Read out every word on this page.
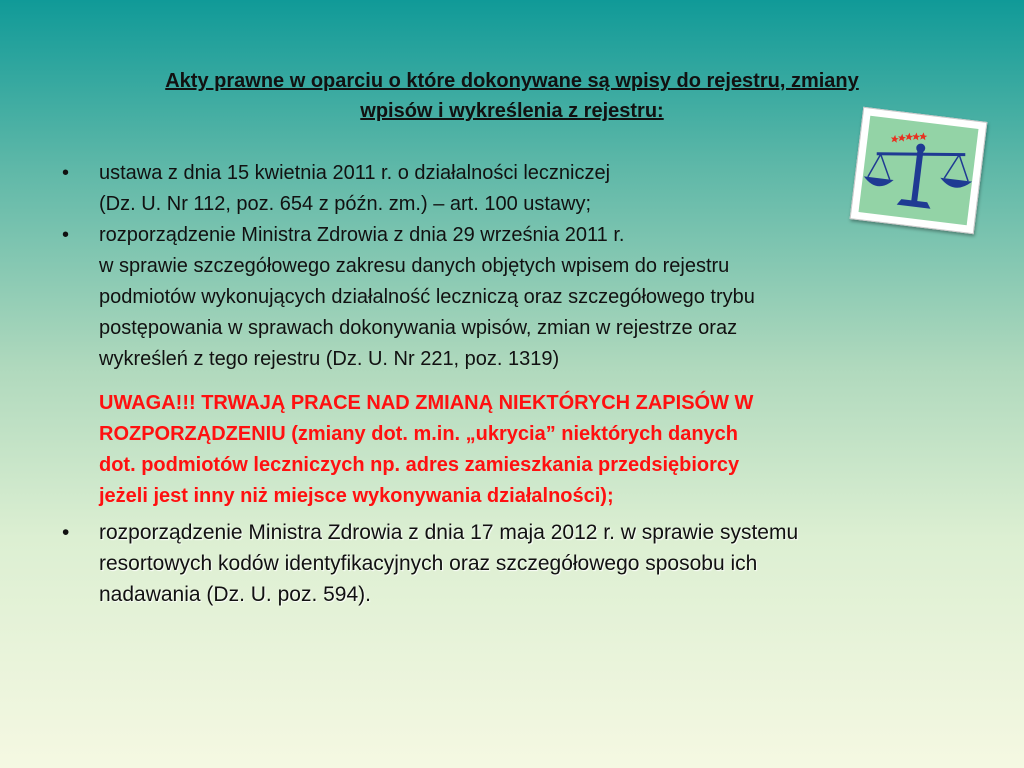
Akty prawne w oparciu o które dokonywane są wpisy do rejestru, zmiany
wpisów i wykreślenia z rejestru:
•	ustawa z dnia 15 kwietnia 2011 r. o działalności leczniczej
(Dz. U. Nr 112, poz. 654 z późn. zm.) – art. 100 ustawy;
•	rozporządzenie Ministra Zdrowia z dnia 29 września 2011 r.
w sprawie szczegółowego zakresu danych objętych wpisem do rejestru
podmiotów wykonujących działalność leczniczą oraz szczegółowego trybu
postępowania w sprawach dokonywania wpisów, zmian w rejestrze oraz
wykreśleń z tego rejestru (Dz. U. Nr 221, poz. 1319)
UWAGA!!! TRWAJĄ PRACE NAD ZMIANĄ NIEKTÓRYCH ZAPISÓW W
ROZPORZĄDZENIU (zmiany dot. m.in. „ukrycia” niektórych danych
dot. podmiotów leczniczych np. adres zamieszkania przedsiębiorcy
jeżeli jest inny niż miejsce wykonywania działalności);
•	rozporządzenie Ministra Zdrowia z dnia 17 maja 2012 r. w sprawie systemu
resortowych kodów identyfikacyjnych oraz szczegółowego sposobu ich
nadawania (Dz. U. poz. 594).
